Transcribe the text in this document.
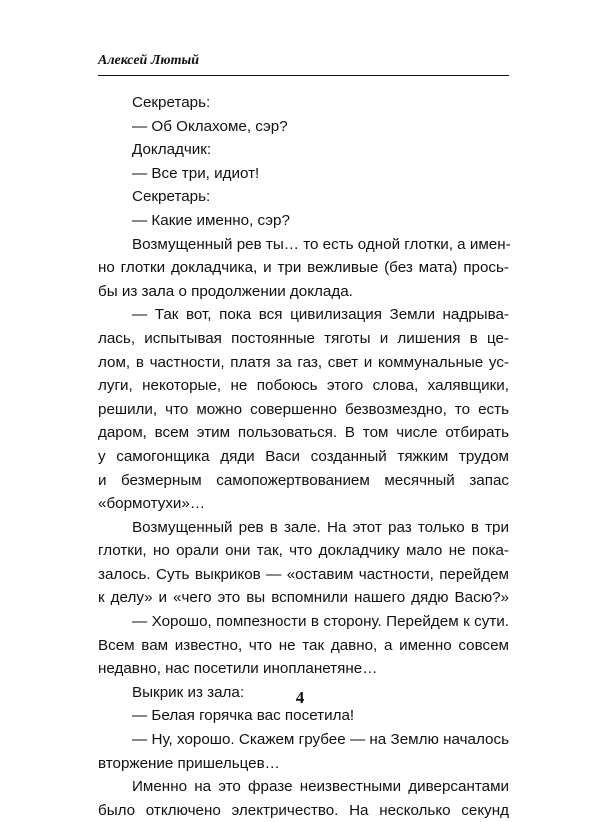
Алексей Лютый
Секретарь:
— Об Оклахоме, сэр?
Докладчик:
— Все три, идиот!
Секретарь:
— Какие именно, сэр?
Возмущенный рев ты… то есть одной глотки, а имен-
но глотки докладчика, и три вежливые (без мата) прось-
бы из зала о продолжении доклада.
— Так вот, пока вся цивилизация Земли надрыва-
лась, испытывая постоянные тяготы и лишения в це-
лом, в частности, платя за газ, свет и коммунальные ус-
луги, некоторые, не побоюсь этого слова, халявщики,
решили, что можно совершенно безвозмездно, то есть
даром, всем этим пользоваться. В том числе отбирать
у самогонщика дяди Васи созданный тяжким трудом
и безмерным самопожертвованием месячный запас
«бормотухи»…
Возмущенный рев в зале. На этот раз только в три
глотки, но орали они так, что докладчику мало не пока-
залось. Суть выкриков — «оставим частности, перейдем
к делу» и «чего это вы вспомнили нашего дядю Васю?»
— Хорошо, помпезности в сторону. Перейдем к сути.
Всем вам известно, что не так давно, а именно совсем
недавно, нас посетили инопланетяне…
Выкрик из зала:
— Белая горячка вас посетила!
— Ну, хорошо. Скажем грубее — на Землю началось
вторжение пришельцев…
Именно на это фразе неизвестными диверсантами
было отключено электричество. На несколько секунд
4
